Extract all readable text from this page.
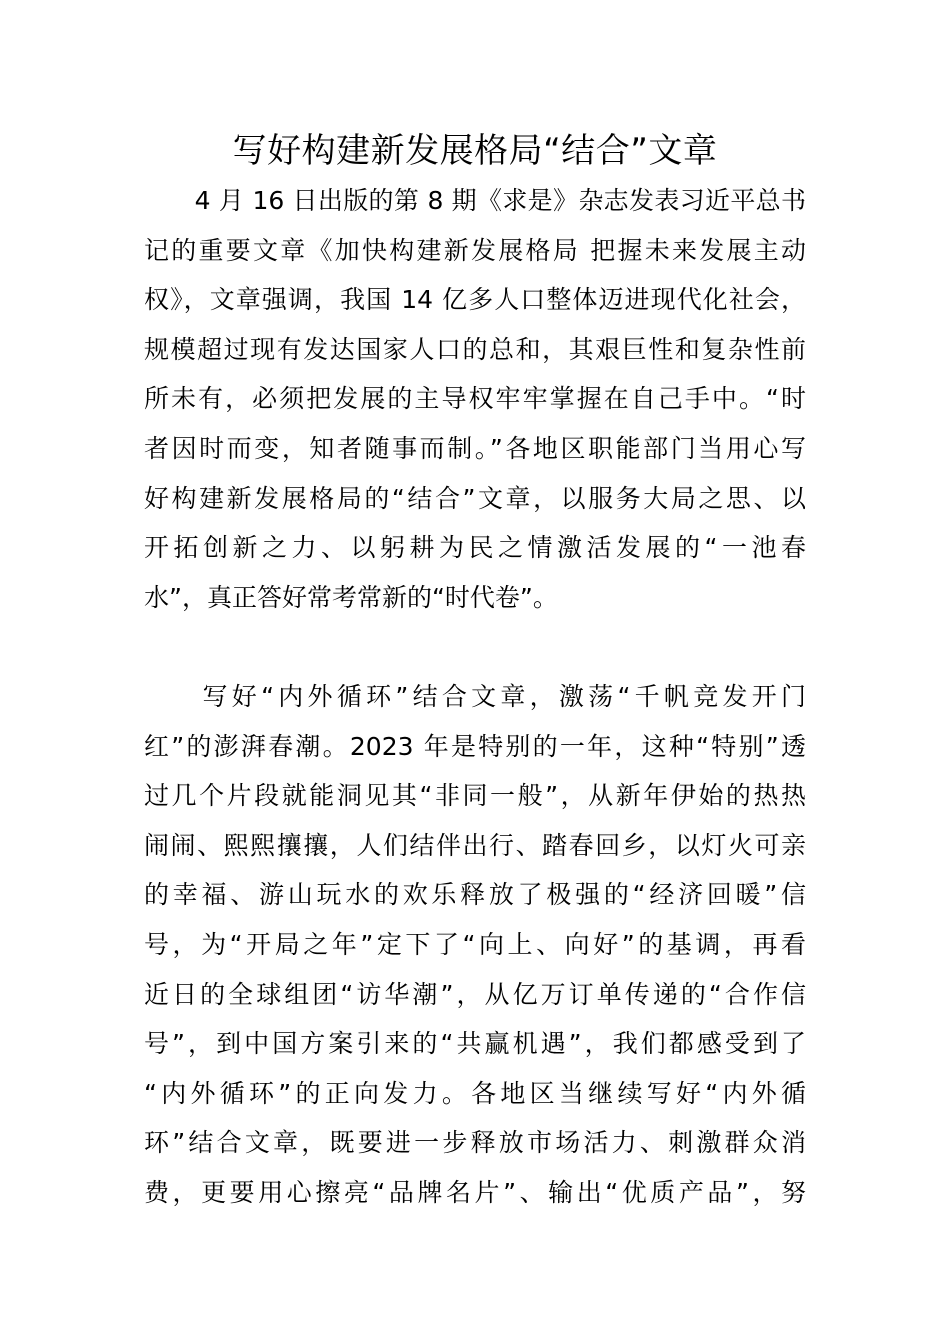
写好构建新发展格局“结合”文章
　　4 月 16 日出版的第 8 期《求是》杂志发表习近平总书
记的重要文章《加快构建新发展格局 把握未来发展主动
权》，文章强调，我国 14 亿多人口整体迈进现代化社会，
规模超过现有发达国家人口的总和，其艰巨性和复杂性前
所未有，必须把发展的主导权牢牢掌握在自己手中。“时
者因时而变，知者随事而制。”各地区职能部门当用心写
好构建新发展格局的“结合”文章，以服务大局之思、以
开拓创新之力、以躬耕为民之情激活发展的“一池春
水”，真正答好常考常新的“时代卷”。
　　写好“内外循环”结合文章，激荡“千帆竞发开门
红”的澎湃春潮。2023 年是特别的一年，这种“特别”透
过几个片段就能洞见其“非同一般”，从新年伊始的热热
闹闹、熙熙攘攘，人们结伴出行、踏春回乡，以灯火可亲
的幸福、游山玩水的欢乐释放了极强的“经济回暖”信
号，为“开局之年”定下了“向上、向好”的基调，再看
近日的全球组团“访华潮”，从亿万订单传递的“合作信
号”，到中国方案引来的“共赢机遇”，我们都感受到了
“内外循环”的正向发力。各地区当继续写好“内外循
环”结合文章，既要进一步释放市场活力、刺激群众消
费，更要用心擦亮“品牌名片”、输出“优质产品”，努
